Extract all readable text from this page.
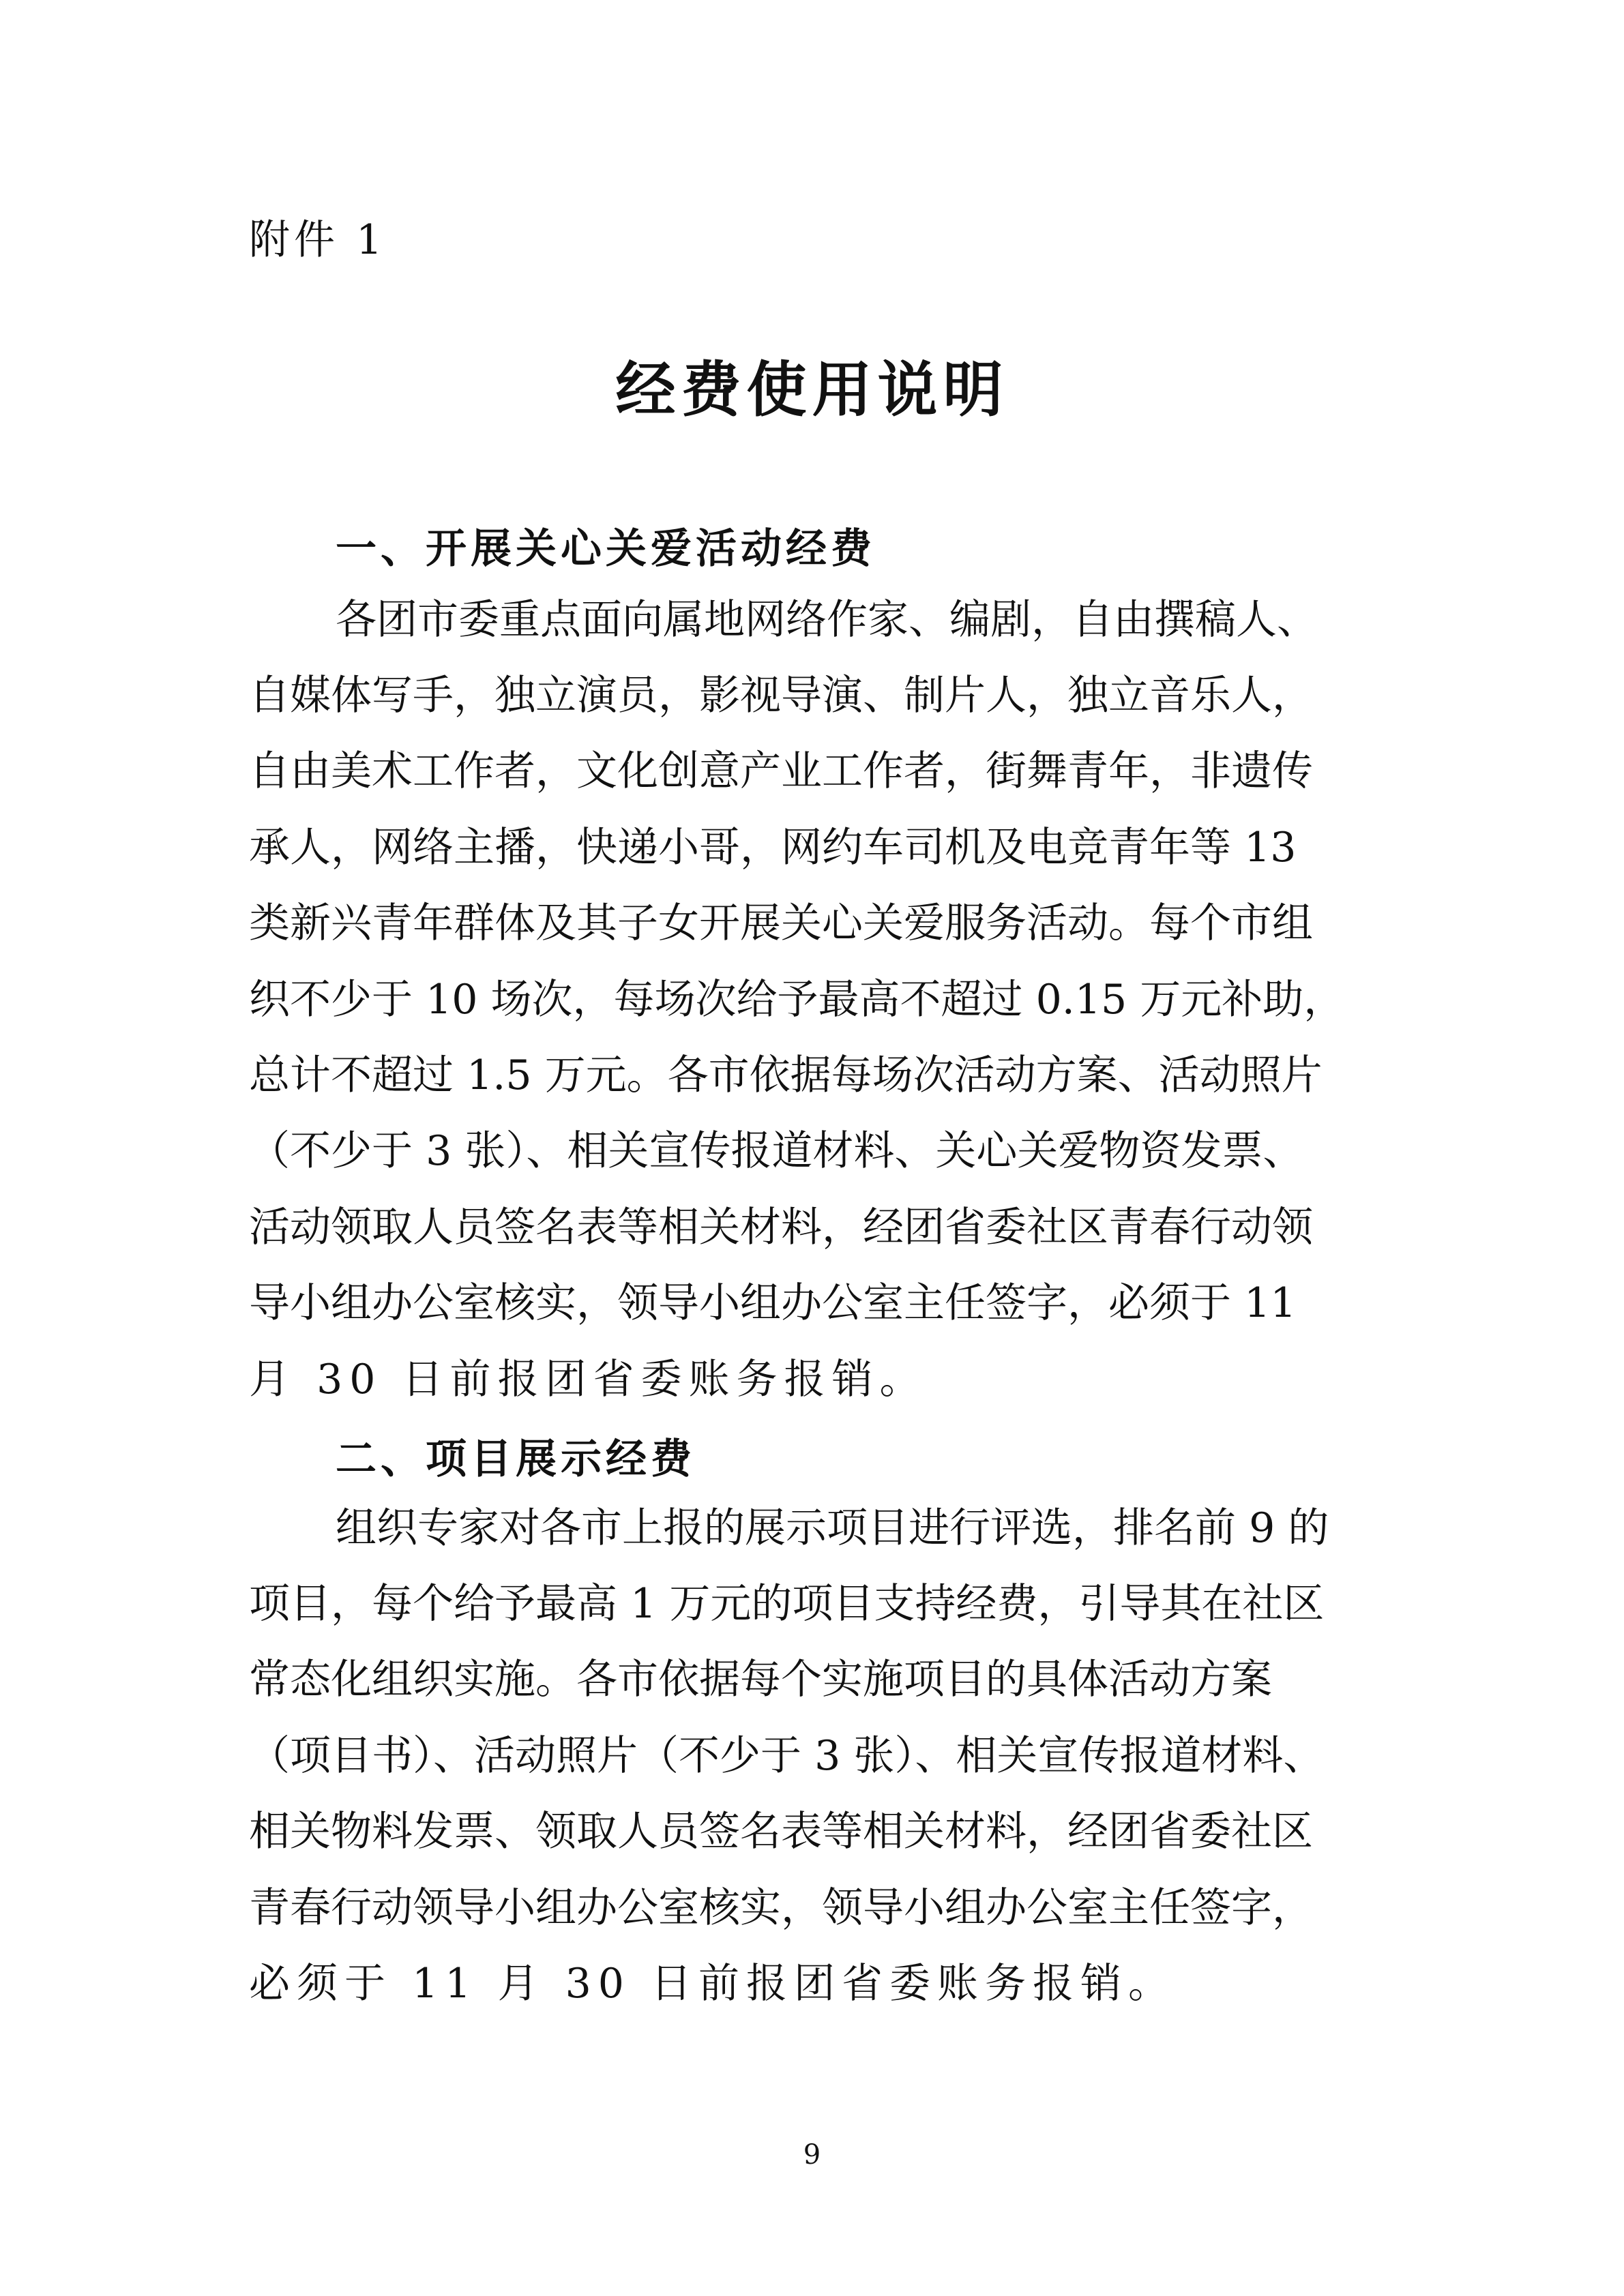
附件 1
经费使用说明
一、开展关心关爱活动经费
各团市委重点面向属地网络作家、编剧，自由撰稿人、
自媒体写手，独立演员，影视导演、制片人，独立音乐人，
自由美术工作者，文化创意产业工作者，街舞青年，非遗传
承人，网络主播，快递小哥，网约车司机及电竞青年等 13
类新兴青年群体及其子女开展关心关爱服务活动。每个市组
织不少于 10 场次，每场次给予最高不超过 0.15 万元补助，
总计不超过 1.5 万元。各市依据每场次活动方案、活动照片
（不少于 3 张）、相关宣传报道材料、关心关爱物资发票、
活动领取人员签名表等相关材料，经团省委社区青春行动领
导小组办公室核实，领导小组办公室主任签字，必须于 11
月 30 日前报团省委账务报销。
二、项目展示经费
组织专家对各市上报的展示项目进行评选，排名前 9 的
项目，每个给予最高 1 万元的项目支持经费，引导其在社区
常态化组织实施。各市依据每个实施项目的具体活动方案
（项目书）、活动照片（不少于 3 张）、相关宣传报道材料、
相关物料发票、领取人员签名表等相关材料，经团省委社区
青春行动领导小组办公室核实，领导小组办公室主任签字，
必须于 11 月 30 日前报团省委账务报销。
9
